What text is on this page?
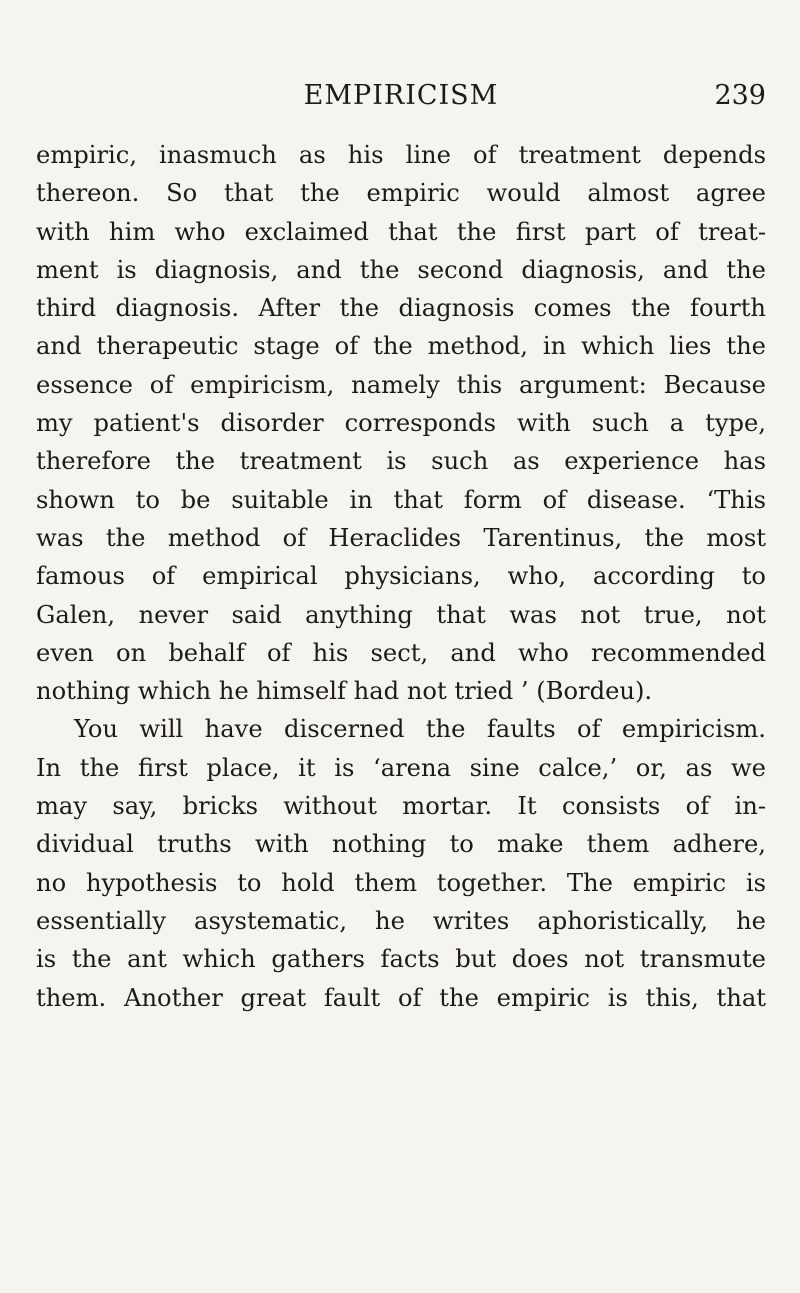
EMPIRICISM	239
empiric, inasmuch as his line of treatment depends
thereon. So that the empiric would almost agree
with him who exclaimed that the first part of treat-
ment is diagnosis, and the second diagnosis, and the
third diagnosis. After the diagnosis comes the fourth
and therapeutic stage of the method, in which lies the
essence of empiricism, namely this argument: Because
my patient's disorder corresponds with such a type,
therefore the treatment is such as experience has
shown to be suitable in that form of disease. ‘This
was the method of Heraclides Tarentinus, the most
famous of empirical physicians, who, according to
Galen, never said anything that was not true, not
even on behalf of his sect, and who recommended
nothing which he himself had not tried ’ (Bordeu).
You will have discerned the faults of empiricism.
In the first place, it is ‘arena sine calce,’ or, as we
may say, bricks without mortar. It consists of in-
dividual truths with nothing to make them adhere,
no hypothesis to hold them together. The empiric is
essentially asystematic, he writes aphoristically, he
is the ant which gathers facts but does not transmute
them. Another great fault of the empiric is this, that
